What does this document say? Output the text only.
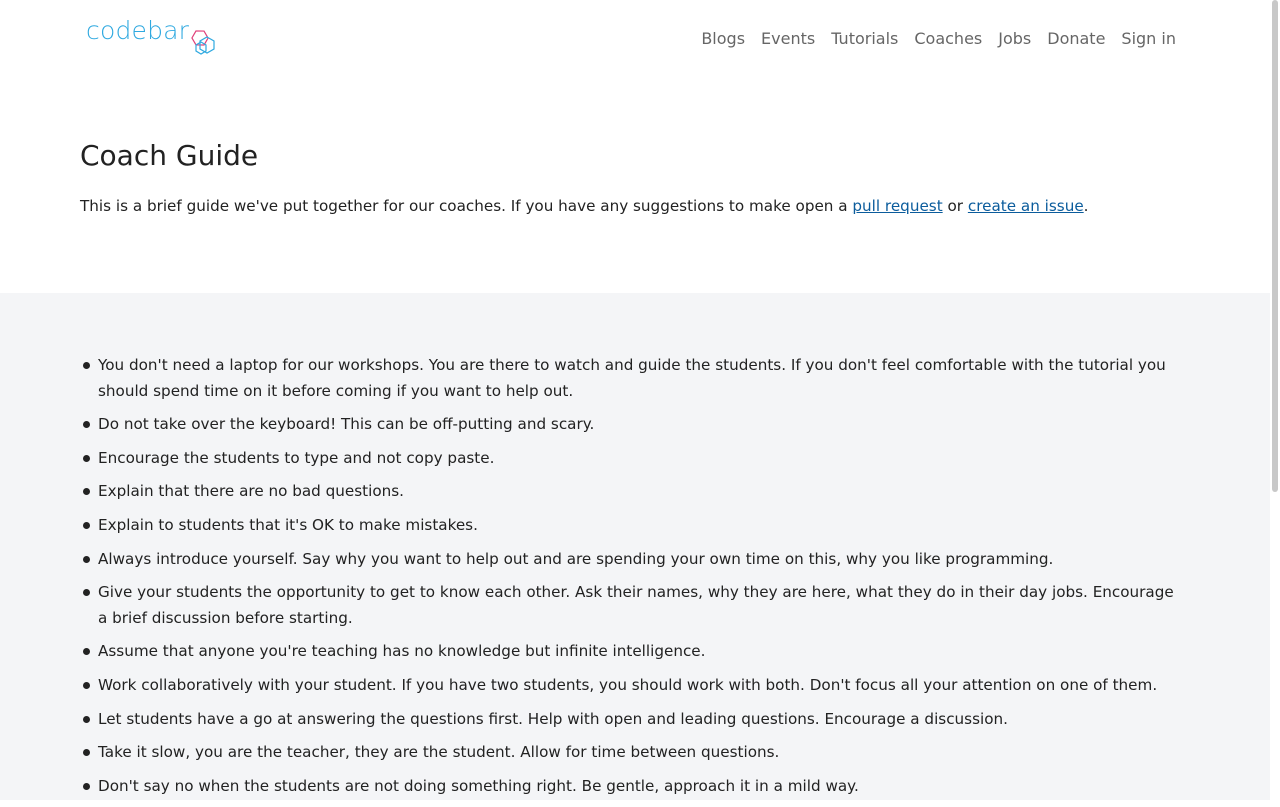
codebar	Blogs Events Tutorials Coaches Jobs Donate Sign in
Coach Guide

This is a brief guide we've put together for our coaches. If you have any suggestions to make open a pull request or create an issue.

You don't need a laptop for our workshops. You are there to watch and guide the students. If you don't feel comfortable with the tutorial you should spend time on it before coming if you want to help out.
Do not take over the keyboard! This can be off-putting and scary.
Encourage the students to type and not copy paste.
Explain that there are no bad questions.
Explain to students that it's OK to make mistakes.
Always introduce yourself. Say why you want to help out and are spending your own time on this, why you like programming.
Give your students the opportunity to get to know each other. Ask their names, why they are here, what they do in their day jobs. Encourage a brief discussion before starting.
Assume that anyone you're teaching has no knowledge but infinite intelligence.
Work collaboratively with your student. If you have two students, you should work with both. Don't focus all your attention on one of them.
Let students have a go at answering the questions first. Help with open and leading questions. Encourage a discussion.
Take it slow, you are the teacher, they are the student. Allow for time between questions.
Don't say no when the students are not doing something right. Be gentle, approach it in a mild way.
